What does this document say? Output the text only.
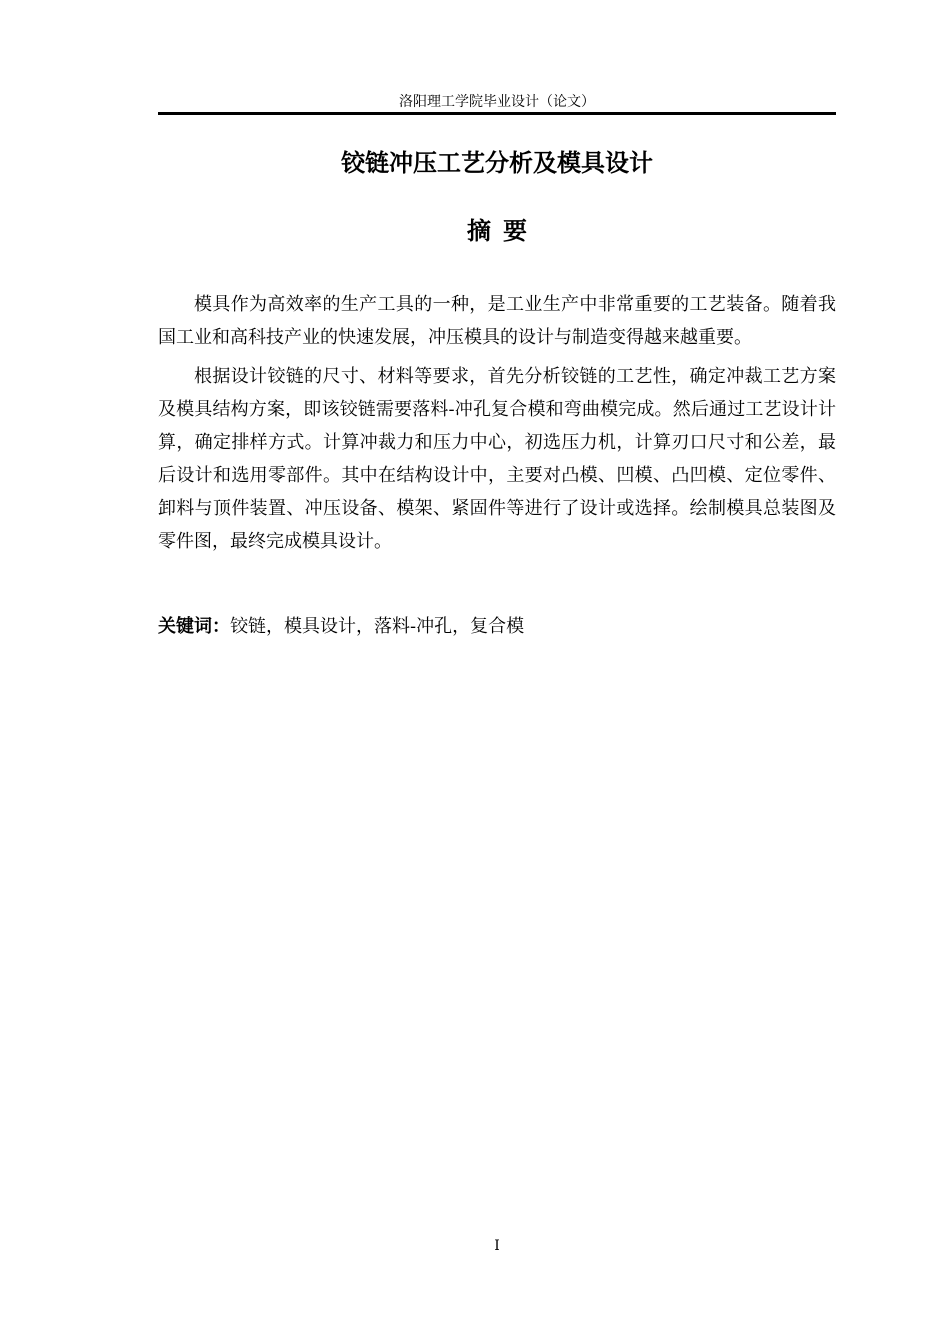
洛阳理工学院毕业设计（论文）
铰链冲压工艺分析及模具设计
摘要

模具作为高效率的生产工具的一种，是工业生产中非常重要的工艺装备。随着我国工业和高科技产业的快速发展，冲压模具的设计与制造变得越来越重要。

根据设计铰链的尺寸、材料等要求，首先分析铰链的工艺性，确定冲裁工艺方案及模具结构方案，即该铰链需要落料-冲孔复合模和弯曲模完成。然后通过工艺设计计算，确定排样方式。计算冲裁力和压力中心，初选压力机，计算刃口尺寸和公差，最后设计和选用零部件。其中在结构设计中，主要对凸模、凹模、凸凹模、定位零件、卸料与顶件装置、冲压设备、模架、紧固件等进行了设计或选择。绘制模具总装图及零件图，最终完成模具设计。

关键词：铰链，模具设计，落料-冲孔，复合模
I
